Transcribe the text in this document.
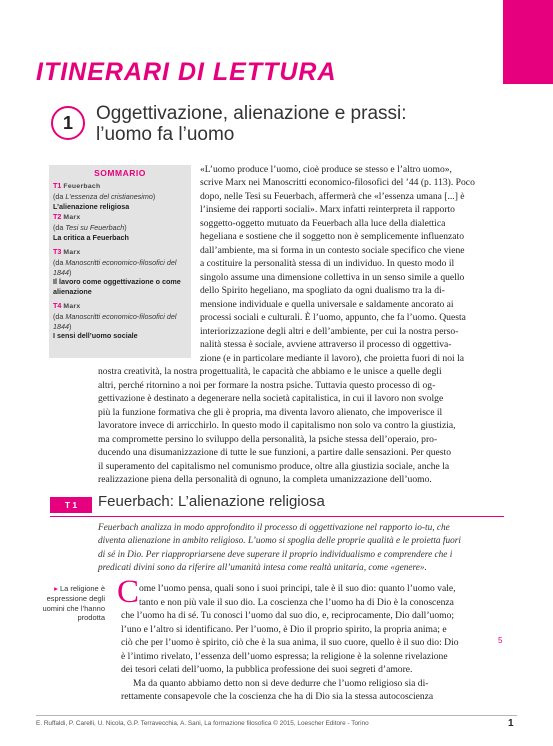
ITINERARI DI LETTURA
1	Oggettivazione, alienazione e prassi:
l’uomo fa l’uomo
SOMMARIO
T1 Feuerbach
(da L’essenza del cristianesimo)
L’alienazione religiosa
T2 Marx
(da Tesi su Feuerbach)
La critica a Feuerbach
T3 Marx
(da Manoscritti economico-filosofici del 1844)
Il lavoro come oggettivazione o come alienazione
T4 Marx
(da Manoscritti economico-filosofici del 1844)
I sensi dell’uomo sociale
«L’uomo produce l’uomo, cioè produce se stesso e l’altro uomo»,
scrive Marx nei Manoscritti economico-filosofici del ’44 (p. 113). Poco
dopo, nelle Tesi su Feuerbach, affermerà che «l’essenza umana [...] è
l’insieme dei rapporti sociali». Marx infatti reinterpreta il rapporto
soggetto-oggetto mutuato da Feuerbach alla luce della dialettica
hegeliana e sostiene che il soggetto non è semplicemente influenzato
dall’ambiente, ma si forma in un contesto sociale specifico che viene
a costituire la personalità stessa di un individuo. In questo modo il
singolo assume una dimensione collettiva in un senso simile a quello
dello Spirito hegeliano, ma spogliato da ogni dualismo tra la di-
mensione individuale e quella universale e saldamente ancorato ai
processi sociali e culturali. È l’uomo, appunto, che fa l’uomo. Questa
interiorizzazione degli altri e dell’ambiente, per cui la nostra perso-
nalità stessa è sociale, avviene attraverso il processo di oggettiva-
zione (e in particolare mediante il lavoro), che proietta fuori di noi la
nostra creatività, la nostra progettualità, le capacità che abbiamo e le unisce a quelle degli
altri, perché ritornino a noi per formare la nostra psiche. Tuttavia questo processo di og-
gettivazione è destinato a degenerare nella società capitalistica, in cui il lavoro non svolge
più la funzione formativa che gli è propria, ma diventa lavoro alienato, che impoverisce il
lavoratore invece di arricchirlo. In questo modo il capitalismo non solo va contro la giustizia,
ma compromette persino lo sviluppo della personalità, la psiche stessa dell’operaio, pro-
ducendo una disumanizzazione di tutte le sue funzioni, a partire dalle sensazioni. Per questo
il superamento del capitalismo nel comunismo produce, oltre alla giustizia sociale, anche la
realizzazione piena della personalità di ognuno, la completa umanizzazione dell’uomo.
T 1	Feuerbach: L’alienazione religiosa
Feuerbach analizza in modo approfondito il processo di oggettivazione nel rapporto io-tu, che
diventa alienazione in ambito religioso. L’uomo si spoglia delle proprie qualità e le proietta fuori
di sé in Dio. Per riappropriarsene deve superare il proprio individualismo e comprendere che i
predicati divini sono da riferire all’umanità intesa come realtà unitaria, come «genere».
▸ La religione è espressione degli uomini che l’hanno prodotta
C ome l’uomo pensa, quali sono i suoi principi, tale è il suo dio: quanto l’uomo vale,
tanto e non più vale il suo dio. La coscienza che l’uomo ha di Dio è la conoscenza
che l’uomo ha di sé. Tu conosci l’uomo dal suo dio, e, reciprocamente, Dio dall’uomo;
l’uno e l’altro si identificano. Per l’uomo, è Dio il proprio spirito, la propria anima; e
ciò che per l’uomo è spirito, ciò che è la sua anima, il suo cuore, quello è il suo dio: Dio
è l’intimo rivelato, l’essenza dell’uomo espressa; la religione è la solenne rivelazione
dei tesori celati dell’uomo, la pubblica professione dei suoi segreti d’amore.
Ma da quanto abbiamo detto non si deve dedurre che l’uomo religioso sia di-
rettamente consapevole che la coscienza che ha di Dio sia la stessa autocoscienza
5
E. Ruffaldi, P. Carelli, U. Nicola, G.P. Terravecchia, A. Sani, La formazione filosofica © 2015, Loescher Editore - Torino	1
